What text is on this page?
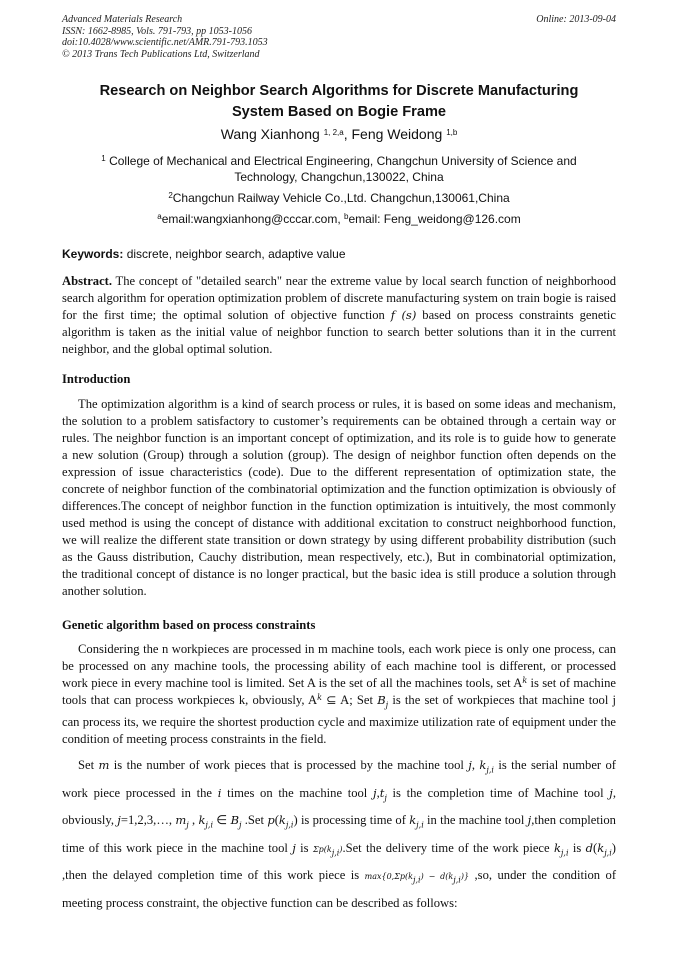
Advanced Materials Research
ISSN: 1662-8985, Vols. 791-793, pp 1053-1056
doi:10.4028/www.scientific.net/AMR.791-793.1053
© 2013 Trans Tech Publications Ltd, Switzerland
Online: 2013-09-04
Research on Neighbor Search Algorithms for Discrete Manufacturing
System Based on Bogie Frame
Wang Xianhong $^{1, 2,a}$, Feng Weidong $^{1,b}$
$^1$ College of Mechanical and Electrical Engineering, Changchun University of Science and
Technology, Changchun,130022, China
$^2$Changchun Railway Vehicle Co.,Ltd. Changchun,130061,China
$^a$email:wangxianhong@cccar.com, $^b$email: Feng_weidong@126.com
Keywords: discrete, neighbor search, adaptive value

Abstract. The concept of "detailed search" near the extreme value by local search function of neighborhood search algorithm for operation optimization problem of discrete manufacturing system on train bogie is raised for the first time; the optimal solution of objective function f (s) based on process constraints genetic algorithm is taken as the initial value of neighbor function to search better solutions than it in the current neighbor, and the global optimal solution.

Introduction

The optimization algorithm is a kind of search process or rules, it is based on some ideas and mechanism, the solution to a problem satisfactory to customer’s requirements can be obtained through a certain way or rules. The neighbor function is an important concept of optimization, and its role is to guide how to generate a new solution (Group) through a solution (group). The design of neighbor function often depends on the expression of issue characteristics (code). Due to the different representation of optimization state, the concrete of neighbor function of the combinatorial optimization and the function optimization is obviously of differences.The concept of neighbor function in the function optimization is intuitively, the most commonly used method is using the concept of distance with additional excitation to construct neighborhood function, we will realize the different state transition or down strategy by using different probability distribution (such as the Gauss distribution, Cauchy distribution, mean respectively, etc.), But in combinatorial optimization, the traditional concept of distance is no longer practical, but the basic idea is still produce a solution through another solution.

Genetic algorithm based on process constraints

Considering the n workpieces are processed in m machine tools, each work piece is only one process, can be processed on any machine tools, the processing ability of each machine tool is different, or processed work piece in every machine tool is limited. Set A is the set of all the machines tools, set $A^k$ is set of machine tools that can process workpieces k, obviously, $A^k$ ⊆ A; Set $B_j$ is the set of workpieces that machine tool j can process its, we require the shortest production cycle and maximize utilization rate of equipment under the condition of meeting process constraints in the field.

Set m is the number of work pieces that is processed by the machine tool j, $k_{j,i}$ is the serial number of work piece processed in the i times on the machine tool $j,t_j$ is the completion time of Machine tool j, obviously, j=1,2,3,…, $m_j$ , $k_{j,i}$ ∈ $B_j$ .Set $p(k_{j,i})$ is processing time of $k_{j,i}$ in the machine tool j,then completion time of this work piece in the machine tool j is $\Sigma p(k_{j,i}).Set$ the delivery time of the work piece $k_{j,i}$ is $d(k_{j,i})$ ,then the delayed completion time of this work piece is $\max\{0,\Sigma p(k_{j,i}) - d(k_{j,i})\}$ ,so, under the condition of meeting process constraint, the objective function can be described as follows:
